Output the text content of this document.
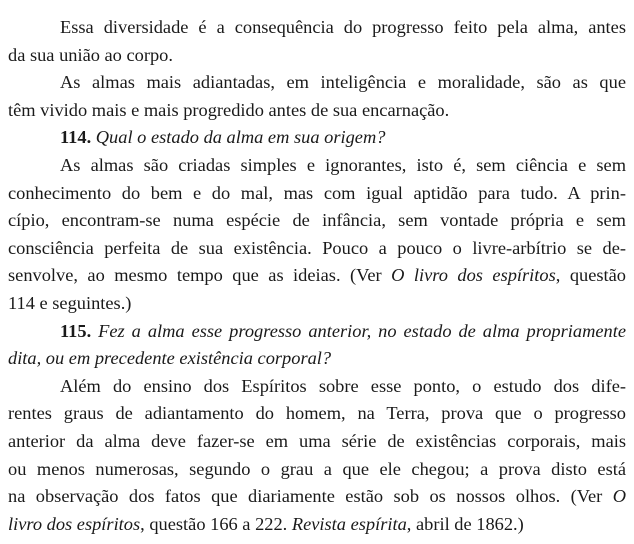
Essa diversidade é a consequência do progresso feito pela alma, antes
da sua união ao corpo.
As almas mais adiantadas, em inteligência e moralidade, são as que
têm vivido mais e mais progredido antes de sua encarnação.
114. Qual o estado da alma em sua origem?
As almas são criadas simples e ignorantes, isto é, sem ciência e sem
conhecimento do bem e do mal, mas com igual aptidão para tudo. A prin-
cípio, encontram-se numa espécie de infância, sem vontade própria e sem
consciência perfeita de sua existência. Pouco a pouco o livre-arbítrio se de-
senvolve, ao mesmo tempo que as ideias. (Ver O livro dos espíritos, questão
114 e seguintes.)
115. Fez a alma esse progresso anterior, no estado de alma propriamente
dita, ou em precedente existência corporal?
Além do ensino dos Espíritos sobre esse ponto, o estudo dos dife-
rentes graus de adiantamento do homem, na Terra, prova que o progresso
anterior da alma deve fazer-se em uma série de existências corporais, mais
ou menos numerosas, segundo o grau a que ele chegou; a prova disto está
na observação dos fatos que diariamente estão sob os nossos olhos. (Ver O
livro dos espíritos, questão 166 a 222. Revista espírita, abril de 1862.)
